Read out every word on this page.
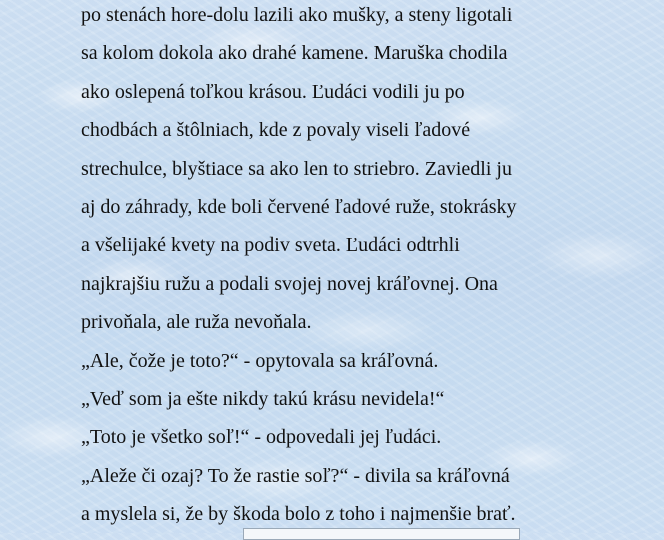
po stenách hore-dolu lazili ako mušky, a steny ligotali
sa kolom dokola ako drahé kamene. Maruška chodila
ako oslepená toľkou krásou. Ľudáci vodili ju po
chodbách a štôlniach, kde z povaly viseli ľadové
strechulce, blyštiace sa ako len to striebro. Zaviedli ju
aj do záhrady, kde boli červené ľadové ruže, stokrásky
a všelijaké kvety na podiv sveta. Ľudáci odtrhli
najkrajšiu ružu a podali svojej novej kráľovnej. Ona
privoňala, ale ruža nevoňala.
„Ale, čože je toto?“ - opytovala sa kráľovná.
„Veď som ja ešte nikdy takú krásu nevidela!“
„Toto je všetko soľ!“ - odpovedali jej ľudáci.
„Aleže či ozaj? To že rastie soľ?“ - divila sa kráľovná
a myslela si, že by škoda bolo z toho i najmenšie brať.
